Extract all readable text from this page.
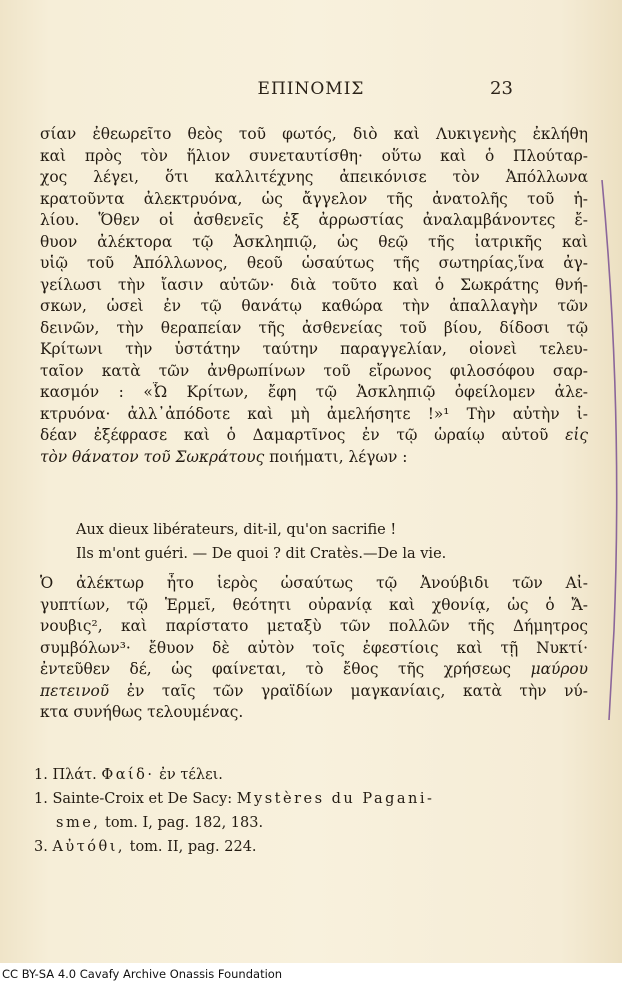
ΕΠΙΝΟΜΙΣ	23
σίαν ἐθεωρεῖτο θεὸς τοῦ φωτός, διὸ καὶ Λυκιγενὴς ἐκλήθη
καὶ πρὸς τὸν ἥλιον συνεταυτίσθη· οὕτω καὶ ὁ Πλούταρ-
χος λέγει, ὅτι καλλιτέχνης ἀπεικόνισε τὸν Ἀπόλλωνα
κρατοῦντα ἀλεκτρυόνα, ὡς ἄγγελον τῆς ἀνατολῆς τοῦ ἡ-
λίου. Ὅθεν οἱ ἀσθενεῖς ἐξ ἀρρωστίας ἀναλαμβάνοντες ἔ-
θυον ἀλέκτορα τῷ Ἀσκληπιῷ, ὡς θεῷ τῆς ἰατρικῆς καὶ
υἱῷ τοῦ Ἀπόλλωνος, θεοῦ ὡσαύτως τῆς σωτηρίας,ἵνα ἀγ-
γείλωσι τὴν ἴασιν αὐτῶν· διὰ τοῦτο καὶ ὁ Σωκράτης θνή-
σκων, ὡσεὶ ἐν τῷ θανάτῳ καθώρα τὴν ἀπαλλαγὴν τῶν
δεινῶν, τὴν θεραπείαν τῆς ἀσθενείας τοῦ βίου, δίδοσι τῷ
Κρίτωνι τὴν ὑστάτην ταύτην παραγγελίαν, οἱονεὶ τελευ-
ταῖον κατὰ τῶν ἀνθρωπίνων τοῦ εἴρωνος φιλοσόφου σαρ-
κασμόν : «Ὦ Κρίτων, ἔφη τῷ Ἀσκληπιῷ ὀφείλομεν ἀλε-
κτρυόνα· ἀλλ᾽ἀπόδοτε καὶ μὴ ἀμελήσητε !»¹ Τὴν αὐτὴν ἰ-
δέαν ἐξέφρασε καὶ ὁ Δαμαρτῖνος ἐν τῷ ὡραίῳ αὐτοῦ εἰς
τὸν θάνατον τοῦ Σωκράτους ποιήματι, λέγων :
Aux dieux libérateurs, dit-il, qu'on sacrifie !
Ils m'ont guéri. — De quoi ? dit Cratès.—De la vie.
Ὁ ἀλέκτωρ ἦτο ἱερὸς ὡσαύτως τῷ Ἀνούβιδι τῶν Αἰ-
γυπτίων, τῷ Ἑρμεῖ, θεότητι οὐρανίᾳ καὶ χθονίᾳ, ὡς ὁ Ἄ-
νουβις², καὶ παρίστατο μεταξὺ τῶν πολλῶν τῆς Δήμητρος
συμβόλων³· ἔθυον δὲ αὐτὸν τοῖς ἐφεστίοις καὶ τῇ Νυκτί·
ἐντεῦθεν δέ, ὡς φαίνεται, τὸ ἔθος τῆς χρήσεως μαύρου
πετεινοῦ ἐν ταῖς τῶν γραϊδίων μαγκανίαις, κατὰ τὴν νύ-
κτα συνήθως τελουμένας.
1. Πλάτ. Φαίδ· ἐν τέλει.
1. Sainte-Croix et De Sacy: Mystères du Pagani-
sme, tom. I, pag. 182, 183.
3. Αὐτόθι, tom. II, pag. 224.
CC BY-SA 4.0 Cavafy Archive Onassis Foundation
